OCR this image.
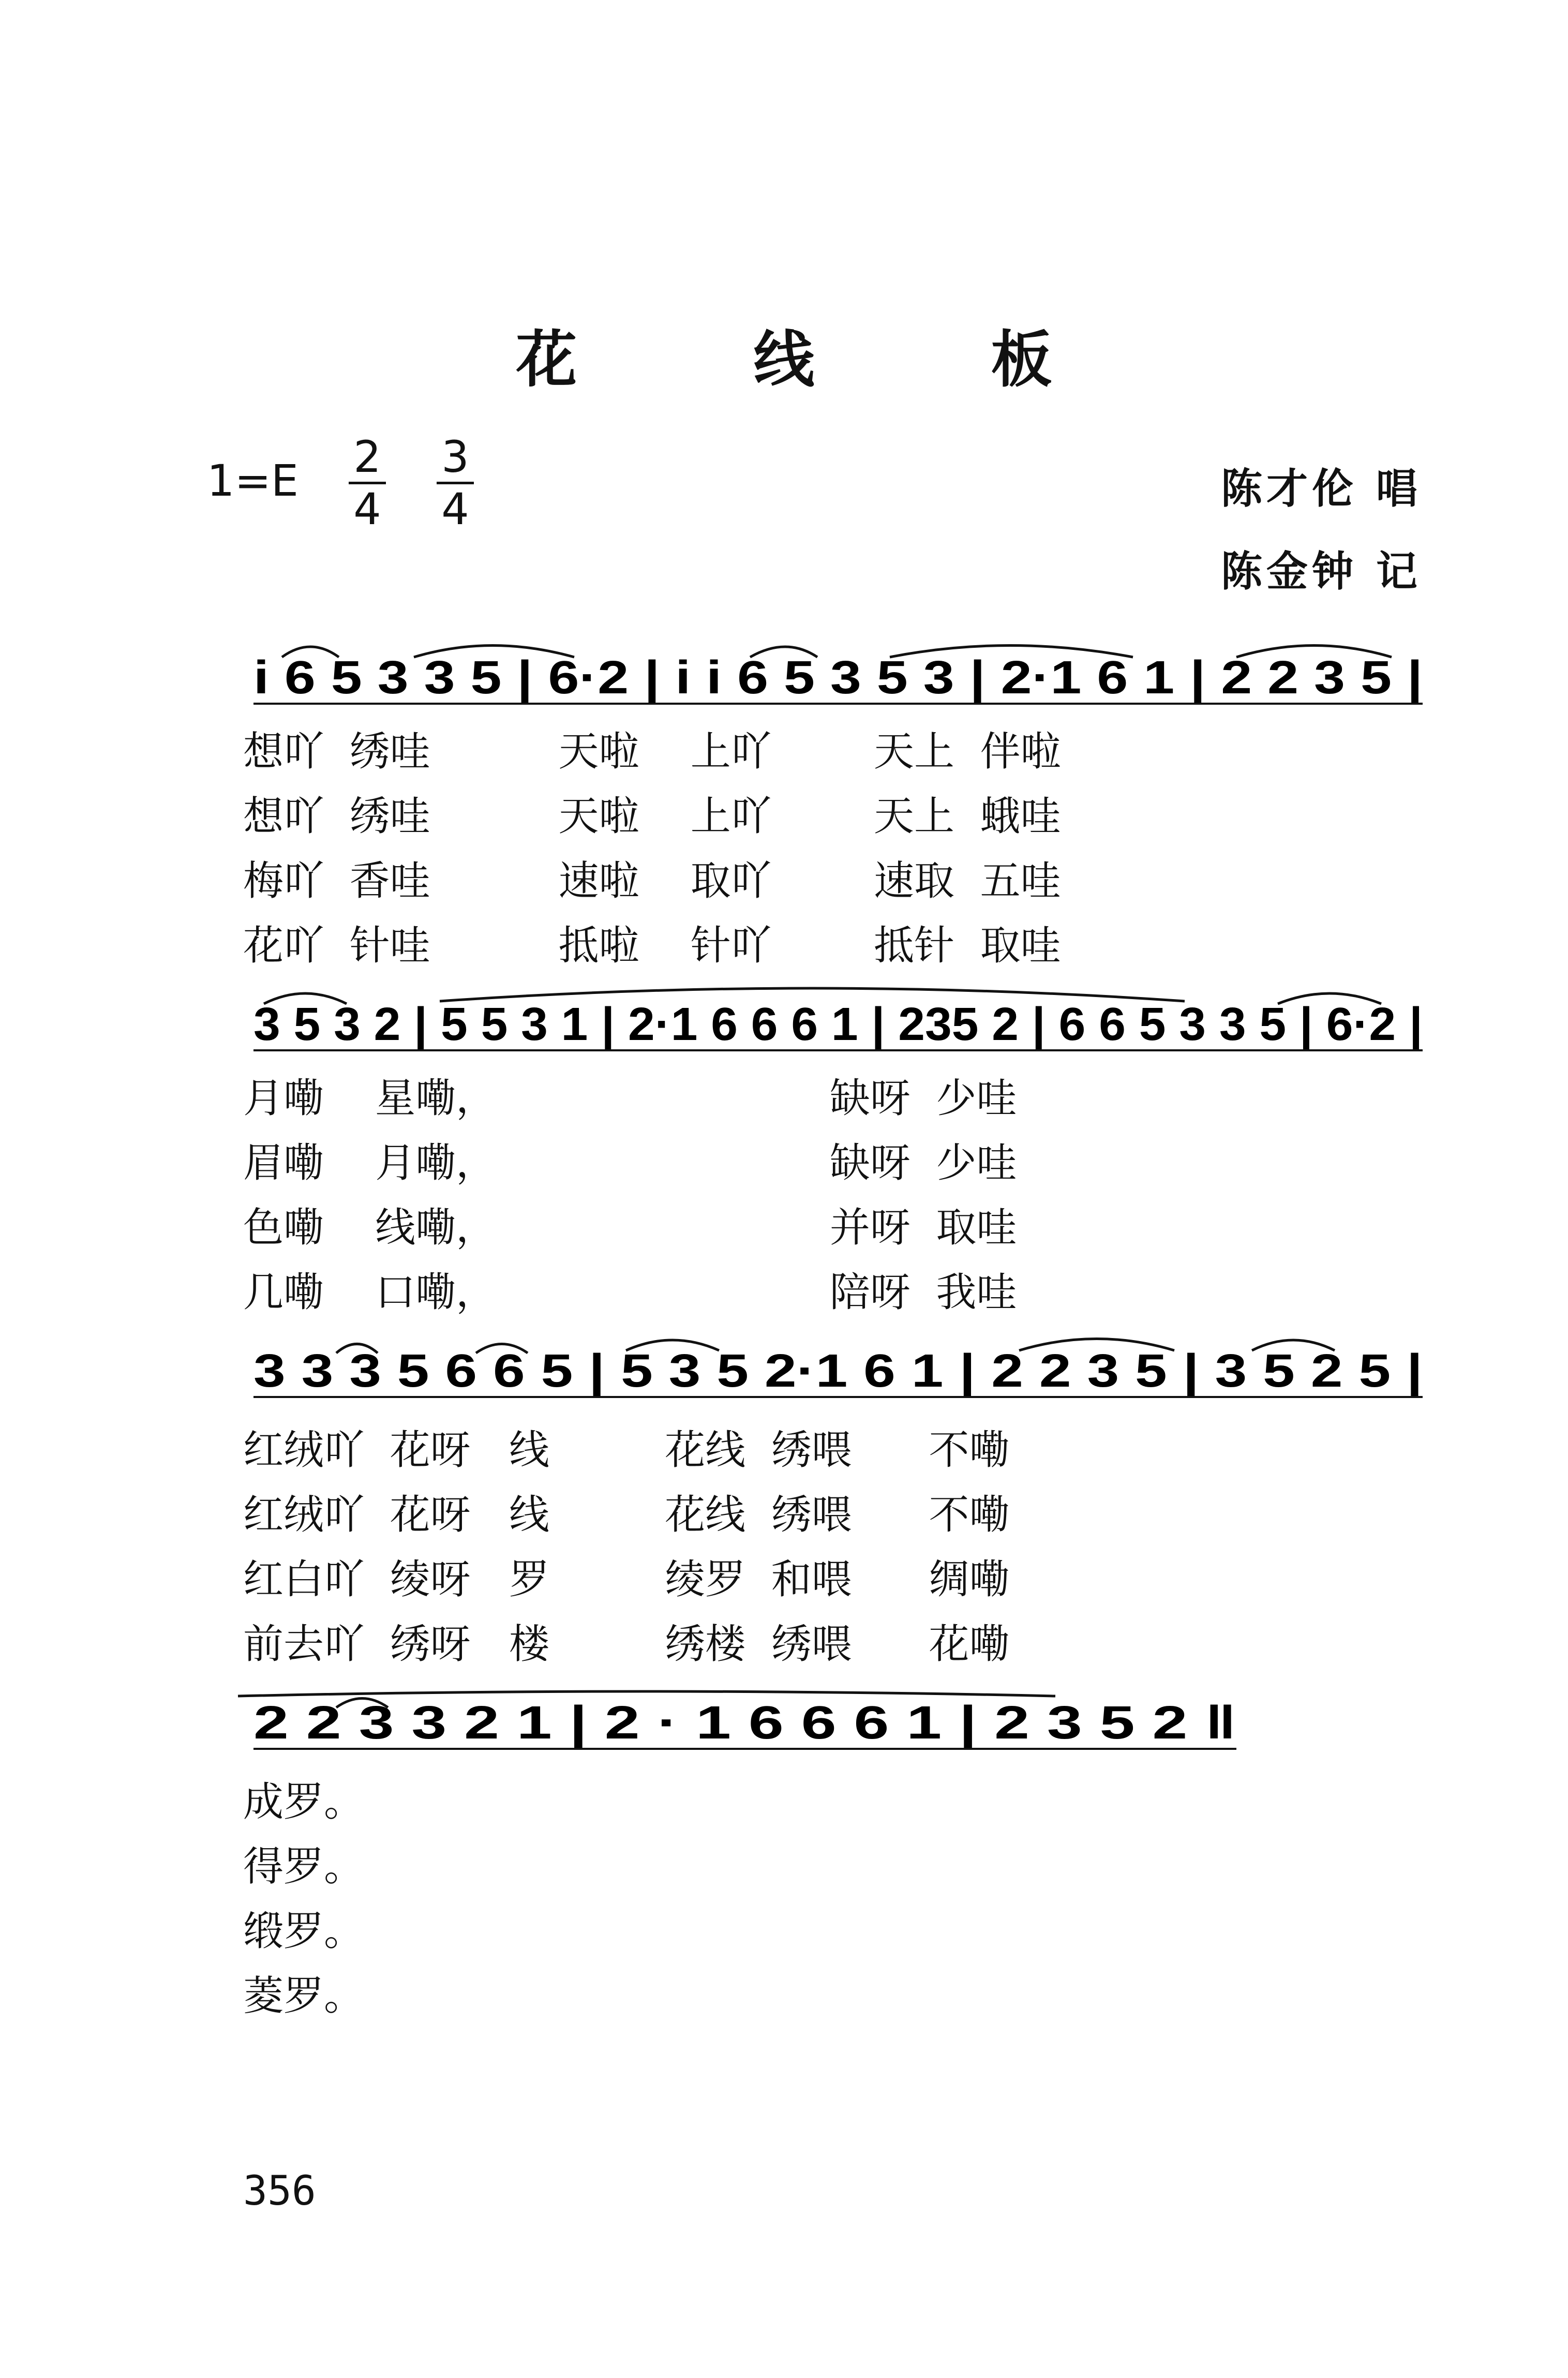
花 线 板
1=E 2
4
3
4	陈才伦 唱
陈金钟 记
i 6 5 3 3 5 | 6·2 | i i 6 5 3 5 3 | 2·1 6 1 | 2 2 3 5 |
想吖  绣哇          天啦    上吖        天上  伴啦
想吖  绣哇          天啦    上吖        天上  蛾哇
梅吖  香哇          速啦    取吖        速取  五哇
花吖  针哇          抵啦    针吖        抵针  取哇
3 5 3 2 | 5 5 3 1 | 2·1 6 6 6 1 | 235 2 | 6 6 5 3 3 5 | 6·2 |
月嘞    星嘞，                          缺呀  少哇
眉嘞    月嘞，                          缺呀  少哇
色嘞    线嘞，                          并呀  取哇
几嘞    口嘞，                          陪呀  我哇
3 3 3 5 6 6 5 | 5 3 5 2·1 6 1 | 2 2 3 5 | 3 5 2 5 |
红绒吖  花呀   线         花线  绣喂      不嘞
红绒吖  花呀   线         花线  绣喂      不嘞
红白吖  绫呀   罗         绫罗  和喂      绸嘞
前去吖  绣呀   楼         绣楼  绣喂      花嘞
2 2 3 3 2 1 | 2 · 1 6 6 6 1 | 2 3 5 2 ‖
成罗。
得罗。
缎罗。
菱罗。
356
